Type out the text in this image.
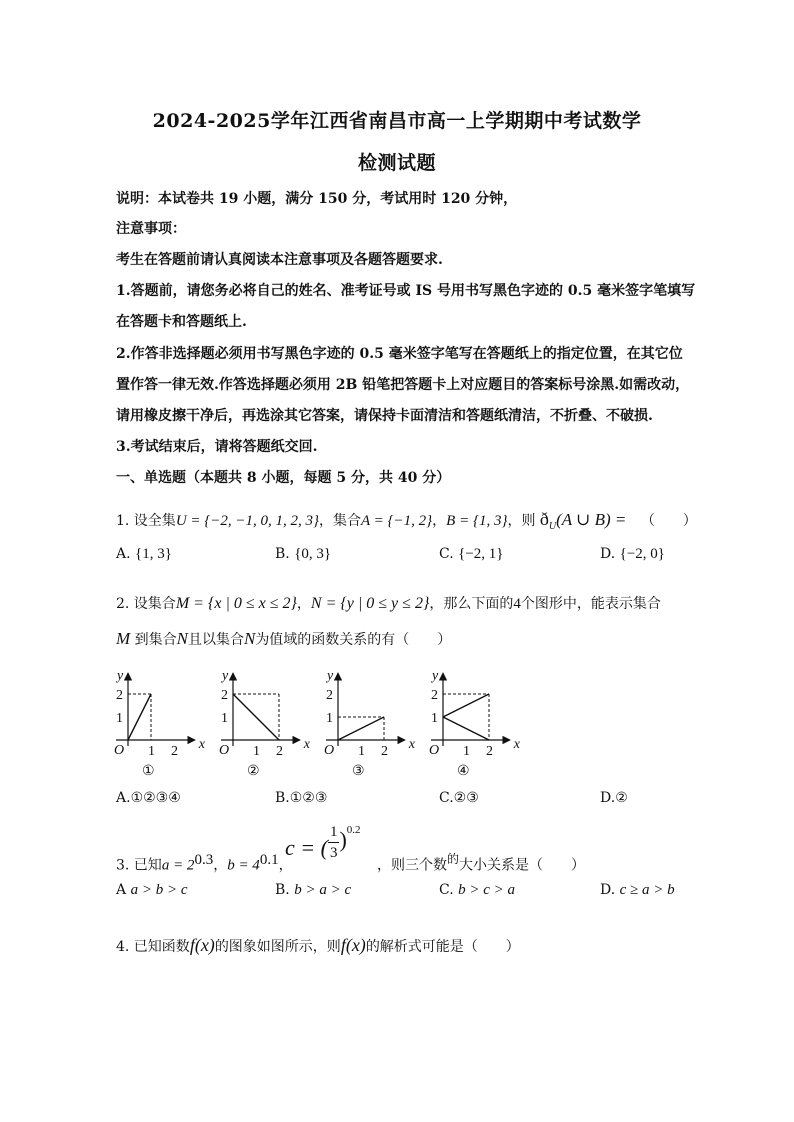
2024-2025学年江西省南昌市高一上学期期中考试数学
检测试题
说明：本试卷共 19 小题，满分 150 分，考试用时 120 分钟，
注意事项：
考生在答题前请认真阅读本注意事项及各题答题要求.
1.答题前，请您务必将自己的姓名、准考证号或 IS 号用书写黑色字迹的 0.5 毫米签字笔填写
在答题卡和答题纸上.
2.作答非选择题必须用书写黑色字迹的 0.5 毫米签字笔写在答题纸上的指定位置，在其它位
置作答一律无效.作答选择题必须用 2B 铅笔把答题卡上对应题目的答案标号涂黑.如需改动，
请用橡皮擦干净后，再选涂其它答案，请保持卡面清洁和答题纸清洁，不折叠、不破损.
3.考试结束后，请将答题纸交回.
一、单选题（本题共 8 小题，每题 5 分，共 40 分）
1. 设全集U = {−2, −1, 0, 1, 2, 3}，集合A = {−1, 2}，B = {1, 3}，则 $ð_U(A$ ∪ B) = （　　）
A. {1, 3}	B. {0, 3}	C. {−2, 1}	D. {−2, 0}
2. 设集合M = {x | 0 ≤ x ≤ 2}，N = {y | 0 ≤ y ≤ 2}，那么下面的4个图形中，能表示集合
M 到集合N且以集合N为值域的函数关系的有（　　）
y
x
O 1 2
1
2
①
y
x
O 1 2
1
2
②
y
x
O 1 2
1
2
③
y
x
O 1 2
1
2
④
A.①②③④	B.①②③	C.②③	D.②
3. 已知$a = 2^{0.3}$，$b = 4^{0.1}$，	，则三个数的大小关系是（　　）
c = ( $\frac{1}{3} )^{0.2}$
A a > b > c	B. b > a > c	C. b > c > a	D. c ≥ a > b
4. 已知函数f(x)的图象如图所示，则f(x)的解析式可能是（　　）
